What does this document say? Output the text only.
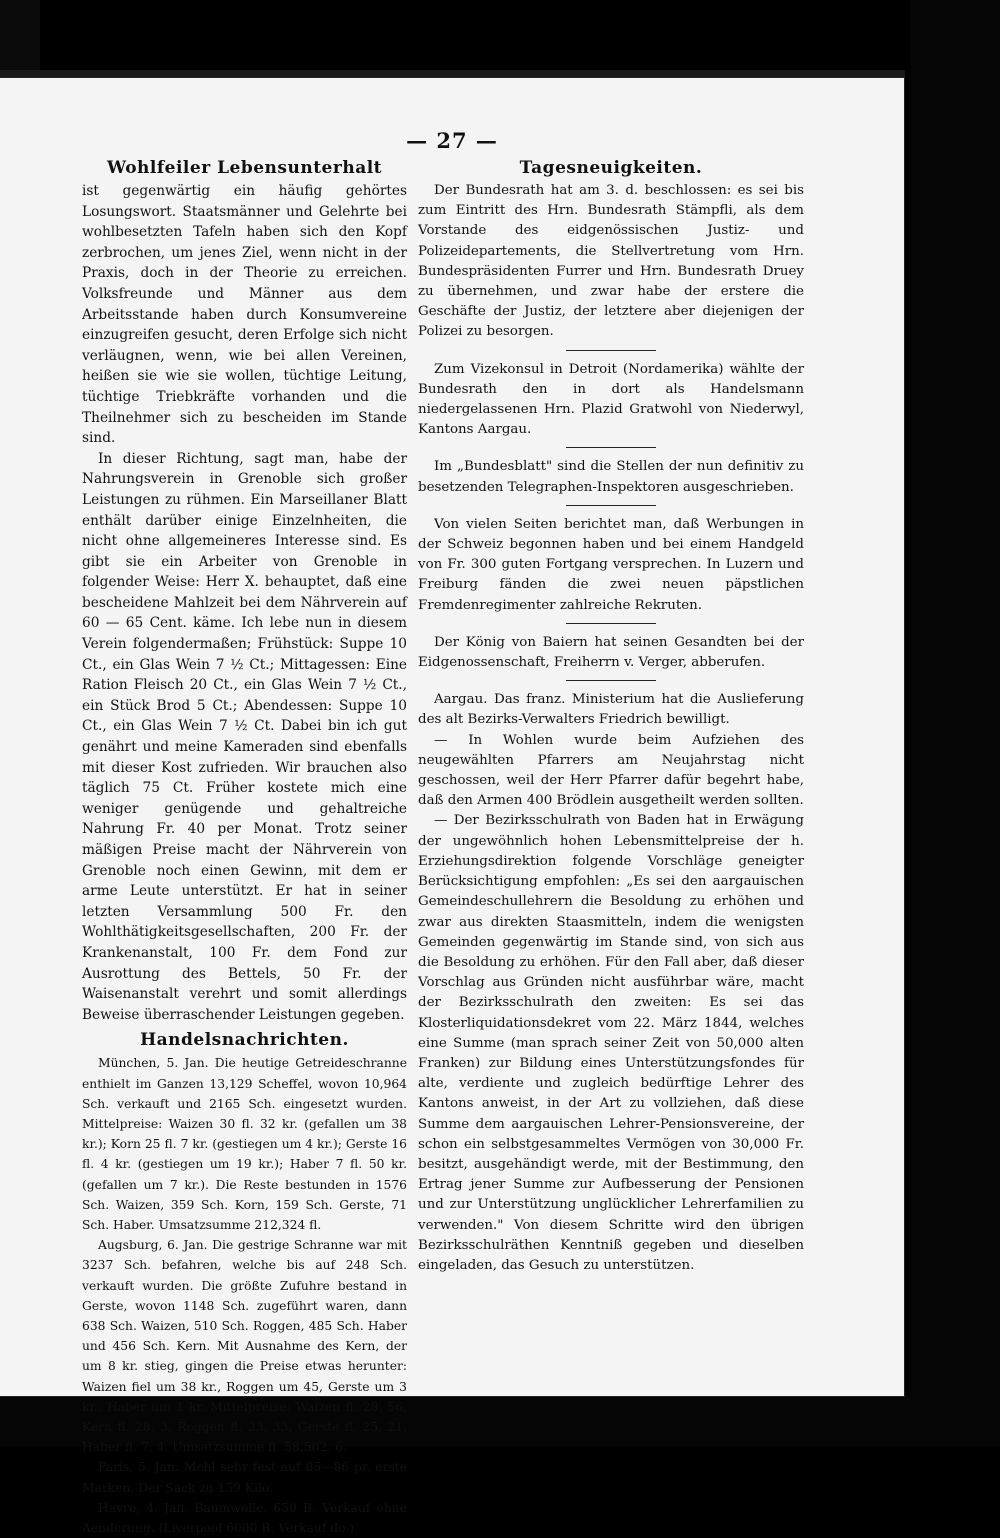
— 27 —
Wohlfeiler Lebensunterhalt

ist gegenwärtig ein häufig gehörtes Losungswort. Staatsmänner und Gelehrte bei wohlbesetzten Tafeln haben sich den Kopf zerbrochen, um jenes Ziel, wenn nicht in der Praxis, doch in der Theorie zu erreichen. Volksfreunde und Männer aus dem Arbeitsstande haben durch Konsumvereine einzugreifen gesucht, deren Erfolge sich nicht verläugnen, wenn, wie bei allen Vereinen, heißen sie wie sie wollen, tüchtige Leitung, tüchtige Triebkräfte vorhanden und die Theilnehmer sich zu bescheiden im Stande sind.

In dieser Richtung, sagt man, habe der Nahrungsverein in Grenoble sich großer Leistungen zu rühmen. Ein Marseillaner Blatt enthält darüber einige Einzelnheiten, die nicht ohne allgemeineres Interesse sind. Es gibt sie ein Arbeiter von Grenoble in folgender Weise: Herr X. behauptet, daß eine bescheidene Mahlzeit bei dem Nährverein auf 60 — 65 Cent. käme. Ich lebe nun in diesem Verein folgendermaßen; Frühstück: Suppe 10 Ct., ein Glas Wein 7 ½ Ct.; Mittagessen: Eine Ration Fleisch 20 Ct., ein Glas Wein 7 ½ Ct., ein Stück Brod 5 Ct.; Abendessen: Suppe 10 Ct., ein Glas Wein 7 ½ Ct. Dabei bin ich gut genährt und meine Kameraden sind ebenfalls mit dieser Kost zufrieden. Wir brauchen also täglich 75 Ct. Früher kostete mich eine weniger genügende und gehaltreiche Nahrung Fr. 40 per Monat. Trotz seiner mäßigen Preise macht der Nährverein von Grenoble noch einen Gewinn, mit dem er arme Leute unterstützt. Er hat in seiner letzten Versammlung 500 Fr. den Wohlthätigkeitsgesellschaften, 200 Fr. der Krankenanstalt, 100 Fr. dem Fond zur Ausrottung des Bettels, 50 Fr. der Waisenanstalt verehrt und somit allerdings Beweise überraschender Leistungen gegeben.

Handelsnachrichten.

München, 5. Jan. Die heutige Getreideschranne enthielt im Ganzen 13,129 Scheffel, wovon 10,964 Sch. verkauft und 2165 Sch. eingesetzt wurden. Mittelpreise: Waizen 30 fl. 32 kr. (gefallen um 38 kr.); Korn 25 fl. 7 kr. (gestiegen um 4 kr.); Gerste 16 fl. 4 kr. (gestiegen um 19 kr.); Haber 7 fl. 50 kr. (gefallen um 7 kr.). Die Reste bestunden in 1576 Sch. Waizen, 359 Sch. Korn, 159 Sch. Gerste, 71 Sch. Haber. Umsatzsumme 212,324 fl.

Augsburg, 6. Jan. Die gestrige Schranne war mit 3237 Sch. befahren, welche bis auf 248 Sch. verkauft wurden. Die größte Zufuhre bestand in Gerste, wovon 1148 Sch. zugeführt waren, dann 638 Sch. Waizen, 510 Sch. Roggen, 485 Sch. Haber und 456 Sch. Kern. Mit Ausnahme des Kern, der um 8 kr. stieg, gingen die Preise etwas herunter: Waizen fiel um 38 kr., Roggen um 45, Gerste um 3 kr., Haber um 1 kr. Mittelpreise: Waizen fl. 28. 56, Kern fl. 28. 3, Roggen fl. 23. 33, Gerste fl. 25. 21, Haber fl. 7. 4. Umsatzsumme fl. 58,502. 6.

Paris, 5. Jan. Mehl sehr fest auf 85—86 pr. erste Marken. Der Sack zu 159 Kilo.

Havre, 4. Jan. Baumwolle. 650 B. Verkauf ohne Aenderung. (Liverpool 6000 B. Verkauf do.)

Tagesneuigkeiten.

Der Bundesrath hat am 3. d. beschlossen: es sei bis zum Eintritt des Hrn. Bundesrath Stämpfli, als dem Vorstande des eidgenössischen Justiz- und Polizeidepartements, die Stellvertretung vom Hrn. Bundespräsidenten Furrer und Hrn. Bundesrath Druey zu übernehmen, und zwar habe der erstere die Geschäfte der Justiz, der letztere aber diejenigen der Polizei zu besorgen.

Zum Vizekonsul in Detroit (Nordamerika) wählte der Bundesrath den in dort als Handelsmann niedergelassenen Hrn. Plazid Gratwohl von Niederwyl, Kantons Aargau.

Im „Bundesblatt" sind die Stellen der nun definitiv zu besetzenden Telegraphen-Inspektoren ausgeschrieben.

Von vielen Seiten berichtet man, daß Werbungen in der Schweiz begonnen haben und bei einem Handgeld von Fr. 300 guten Fortgang versprechen. In Luzern und Freiburg fänden die zwei neuen päpstlichen Fremdenregimenter zahlreiche Rekruten.

Der König von Baiern hat seinen Gesandten bei der Eidgenossenschaft, Freiherrn v. Verger, abberufen.

Aargau. Das franz. Ministerium hat die Auslieferung des alt Bezirks-Verwalters Friedrich bewilligt.

— In Wohlen wurde beim Aufziehen des neugewählten Pfarrers am Neujahrstag nicht geschossen, weil der Herr Pfarrer dafür begehrt habe, daß den Armen 400 Brödlein ausgetheilt werden sollten.

— Der Bezirksschulrath von Baden hat in Erwägung der ungewöhnlich hohen Lebensmittelpreise der h. Erziehungsdirektion folgende Vorschläge geneigter Berücksichtigung empfohlen: „Es sei den aargauischen Gemeindeschullehrern die Besoldung zu erhöhen und zwar aus direkten Staasmitteln, indem die wenigsten Gemeinden gegenwärtig im Stande sind, von sich aus die Besoldung zu erhöhen. Für den Fall aber, daß dieser Vorschlag aus Gründen nicht ausführbar wäre, macht der Bezirksschulrath den zweiten: Es sei das Klosterliquidationsdekret vom 22. März 1844, welches eine Summe (man sprach seiner Zeit von 50,000 alten Franken) zur Bildung eines Unterstützungsfondes für alte, verdiente und zugleich bedürftige Lehrer des Kantons anweist, in der Art zu vollziehen, daß diese Summe dem aargauischen Lehrer-Pensionsvereine, der schon ein selbstgesammeltes Vermögen von 30,000 Fr. besitzt, ausgehändigt werde, mit der Bestimmung, den Ertrag jener Summe zur Aufbesserung der Pensionen und zur Unterstützung unglücklicher Lehrerfamilien zu verwenden." Von diesem Schritte wird den übrigen Bezirksschulräthen Kenntniß gegeben und dieselben eingeladen, das Gesuch zu unterstützen.
